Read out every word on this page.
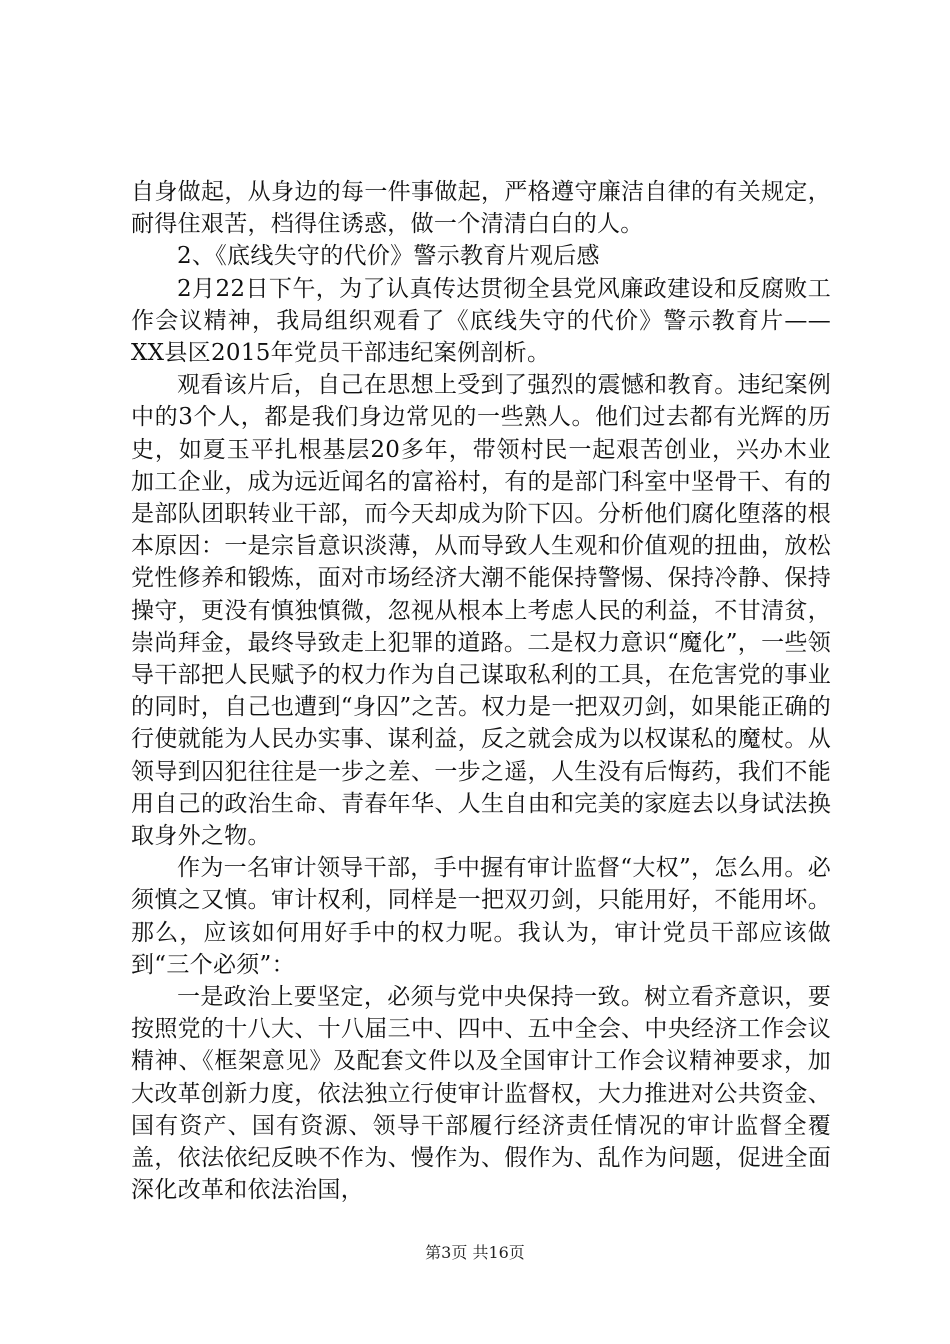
自身做起，从身边的每一件事做起，严格遵守廉洁自律的有关规定，耐得住艰苦，档得住诱惑，做一个清清白白的人。

2、《底线失守的代价》警示教育片观后感

2月22日下午，为了认真传达贯彻全县党风廉政建设和反腐败工作会议精神，我局组织观看了《底线失守的代价》警示教育片——XX县区2015年党员干部违纪案例剖析。

观看该片后，自己在思想上受到了强烈的震憾和教育。违纪案例中的3个人，都是我们身边常见的一些熟人。他们过去都有光辉的历史，如夏玉平扎根基层20多年，带领村民一起艰苦创业，兴办木业加工企业，成为远近闻名的富裕村，有的是部门科室中坚骨干、有的是部队团职转业干部，而今天却成为阶下囚。分析他们腐化堕落的根本原因：一是宗旨意识淡薄，从而导致人生观和价值观的扭曲，放松党性修养和锻炼，面对市场经济大潮不能保持警惕、保持冷静、保持操守，更没有慎独慎微，忽视从根本上考虑人民的利益，不甘清贫，崇尚拜金，最终导致走上犯罪的道路。二是权力意识“魔化”，一些领导干部把人民赋予的权力作为自己谋取私利的工具，在危害党的事业的同时，自己也遭到“身囚”之苦。权力是一把双刃剑，如果能正确的行使就能为人民办实事、谋利益，反之就会成为以权谋私的魔杖。从领导到囚犯往往是一步之差、一步之遥，人生没有后悔药，我们不能用自己的政治生命、青春年华、人生自由和完美的家庭去以身试法换取身外之物。

作为一名审计领导干部，手中握有审计监督“大权”，怎么用。必须慎之又慎。审计权利，同样是一把双刃剑，只能用好，不能用坏。那么，应该如何用好手中的权力呢。我认为，审计党员干部应该做到“三个必须”：

一是政治上要坚定，必须与党中央保持一致。树立看齐意识，要按照党的十八大、十八届三中、四中、五中全会、中央经济工作会议精神、《框架意见》及配套文件以及全国审计工作会议精神要求，加大改革创新力度，依法独立行使审计监督权，大力推进对公共资金、国有资产、国有资源、领导干部履行经济责任情况的审计监督全覆盖，依法依纪反映不作为、慢作为、假作为、乱作为问题，促进全面深化改革和依法治国，

第3页 共16页
